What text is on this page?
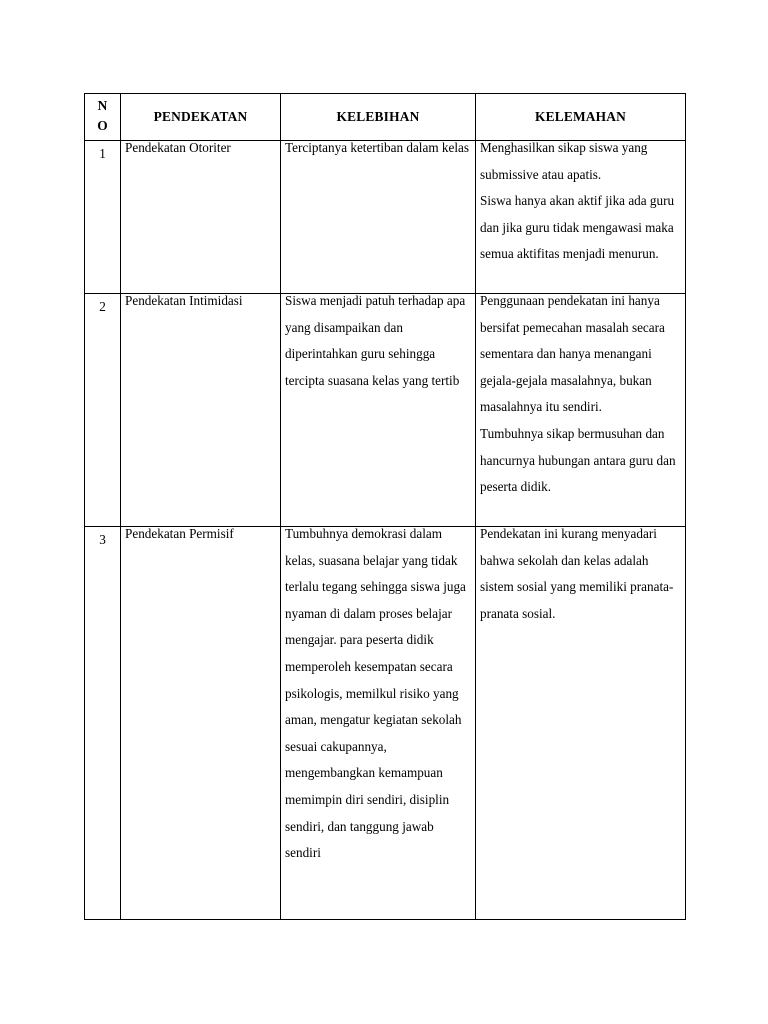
N
O	PENDEKATAN	KELEBIHAN	KELEMAHAN
1	Pendekatan Otoriter	Terciptanya ketertiban dalam kelas	Menghasilkan sikap siswa yang submissive atau apatis.

Siswa hanya akan aktif jika ada guru dan jika guru tidak mengawasi maka semua aktifitas menjadi menurun.

2	Pendekatan Intimidasi	Siswa menjadi patuh terhadap apa yang disampaikan dan diperintahkan guru sehingga tercipta suasana kelas yang tertib	Penggunaan pendekatan ini hanya bersifat pemecahan masalah secara sementara dan hanya menangani gejala-gejala masalahnya, bukan masalahnya itu sendiri.

Tumbuhnya sikap bermusuhan dan hancurnya hubungan antara guru dan peserta didik.

3	Pendekatan Permisif	Tumbuhnya demokrasi dalam kelas, suasana belajar yang tidak terlalu tegang sehingga siswa juga nyaman di dalam proses belajar mengajar. para peserta didik memperoleh kesempatan secara psikologis, memilkul risiko yang aman, mengatur kegiatan sekolah sesuai cakupannya, mengembangkan kemampuan memimpin diri sendiri, disiplin sendiri, dan tanggung jawab sendiri	Pendekatan ini kurang menyadari bahwa sekolah dan kelas adalah sistem sosial yang memiliki pranata-pranata sosial.
